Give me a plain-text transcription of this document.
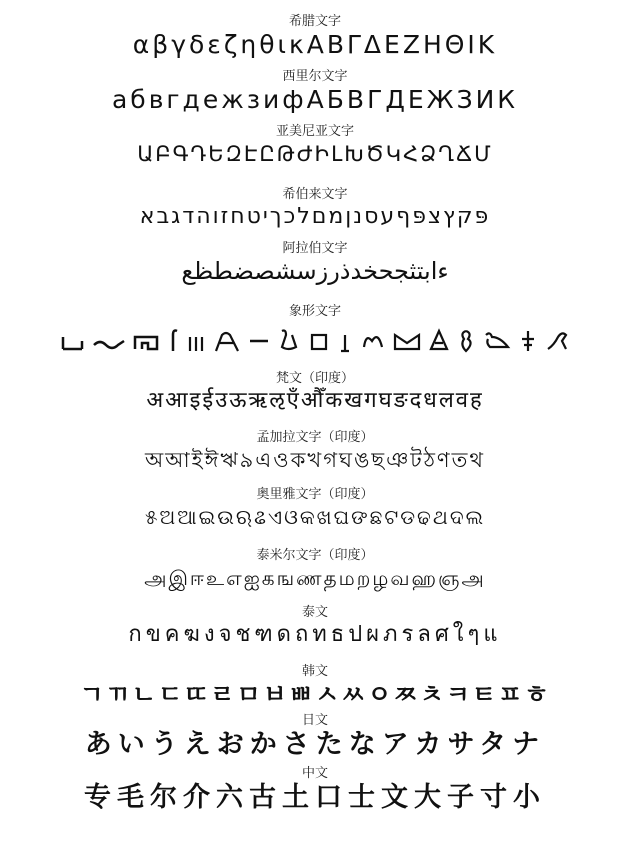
希腊文字
αβγδεζηθικΑΒΓΔΕΖΗΘΙΚ
西里尔文字
абвгдежзифАБВГДЕЖЗИК
亚美尼亚文字
ԱԲԳԴԵԶԷԸԹԺԻԼԽԾԿՀՁՂՃՄ
希伯来文字
פּקץצפּףעסנןמםלכךיטחזוהדגבא
阿拉伯文字
ءابتثجحخدذرزسشصضطظع
象形文字
梵文（印度）
अआइईउऊऋऌएँऔँकखगघङदधलवह
孟加拉文字（印度）
অআইঈঋ৯এওকখগঘঙছঞটঠণতথ
奥里雅文字（印度）
୫ଅଆଇଉଋଌଏଓକଖଘଙଛଟଡଢଥଦଲ
泰米尔文字（印度）
அஇஈஉஎஐகஙணதமறழவஹஞஅ
泰文
กขคฆงจชฑดถทธปผภรลศใๆแ
韩文
ㄱㄲㄴㄷㄸㄹㅁㅂㅃㅅㅆㅇㅉㅊㅋㅌㅍㅎ
日文
あいうえおかさたなアカサタナ
中文
专毛尔介六古土口士文大子寸小
